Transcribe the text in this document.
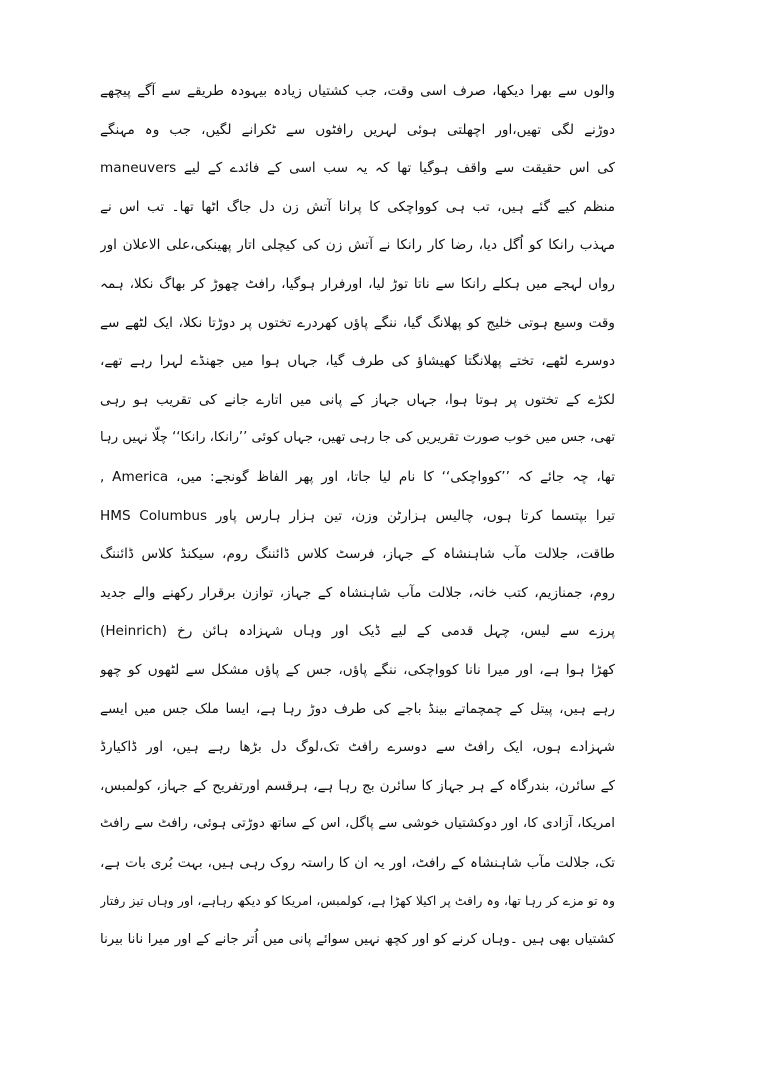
والوں سے بھرا دیکھا، صرف اسی وقت، جب کشتیاں زیادہ بیہودہ طریقے سے آگے پیچھے
دوڑنے لگی تھیں،اور اچھلتی ہوئی لہریں رافٹوں سے ٹکرانے لگیں، جب وہ مہنگے
maneuvers کی اس حقیقت سے واقف ہوگیا تھا کہ یہ سب اسی کے فائدے کے لیے
منظم کیے گئے ہیں، تب ہی کوواچکی کا پرانا آتش زن دل جاگ اٹھا تھا۔ تب اس نے
مہذب رانکا کو اُگل دیا، رضا کار رانکا نے آتش زن کی کیچلی اتار پھینکی،علی الاعلان اور
رواں لہجے میں ہکلے رانکا سے ناتا توڑ لیا، اورفرار ہوگیا، رافٹ چھوڑ کر بھاگ نکلا، ہمہ
وقت وسیع ہوتی خلیج کو پھلانگ گیا، ننگے پاؤں کھردرے تختوں پر دوڑتا نکلا، ایک لٹھے سے
دوسرے لٹھے، تختے پھلانگتا کھیشاؤ کی طرف گیا، جہاں ہوا میں جھنڈے لہرا رہے تھے،
لکڑے کے تختوں پر ہوتا ہوا، جہاں جہاز کے پانی میں اتارے جانے کی تقریب ہو رہی
تھی، جس میں خوب صورت تقریریں کی جا رہی تھیں، جہاں کوئی ’’رانکا، رانکا‘‘ چلّا نہیں رہا
تھا، چہ جائے کہ ’’کوواچکی‘‘ کا نام لیا جاتا، اور پھر الفاظ گونجے: میں، America ,
HMS Columbus تیرا بپتسما کرتا ہوں، چالیس ہزارٹن وزن، تین ہزار ہارس پاور
طاقت، جلالت مآب شاہنشاہ کے جہاز، فرسٹ کلاس ڈائننگ روم، سیکنڈ کلاس ڈائننگ
روم، جمنازیم، کتب خانہ، جلالت مآب شاہنشاہ کے جہاز، توازن برقرار رکھنے والے جدید
پرزے سے لیس، چہل قدمی کے لیے ڈیک اور وہاں شہزادہ ہائن رخ (Heinrich)
کھڑا ہوا ہے، اور میرا نانا کوواچکی، ننگے پاؤں، جس کے پاؤں مشکل سے لٹھوں کو چھو
رہے ہیں، پیتل کے چمچماتے بینڈ باجے کی طرف دوڑ رہا ہے، ایسا ملک جس میں ایسے
شہزادے ہوں، ایک رافٹ سے دوسرے رافٹ تک،لوگ دل بڑھا رہے ہیں، اور ڈاکیارڈ
کے سائرن، بندرگاہ کے ہر جہاز کا سائرن بج رہا ہے، ہرقسم اورتفریح کے جہاز، کولمبس،
امریکا، آزادی کا، اور دوکشتیاں خوشی سے پاگل، اس کے ساتھ دوڑتی ہوئی، رافٹ سے رافٹ
تک، جلالت مآب شاہنشاہ کے رافٹ، اور یہ ان کا راستہ روک رہی ہیں، بہت بُری بات ہے،
وہ تو مزے کر رہا تھا، وہ رافٹ پر اکیلا کھڑا ہے، کولمبس، امریکا کو دیکھ رہاہے، اور وہاں تیز رفتار
کشتیاں بھی ہیں ۔وہاں کرنے کو اور کچھ نہیں سوائے پانی میں اُتر جانے کے اور میرا نانا بیرنا
